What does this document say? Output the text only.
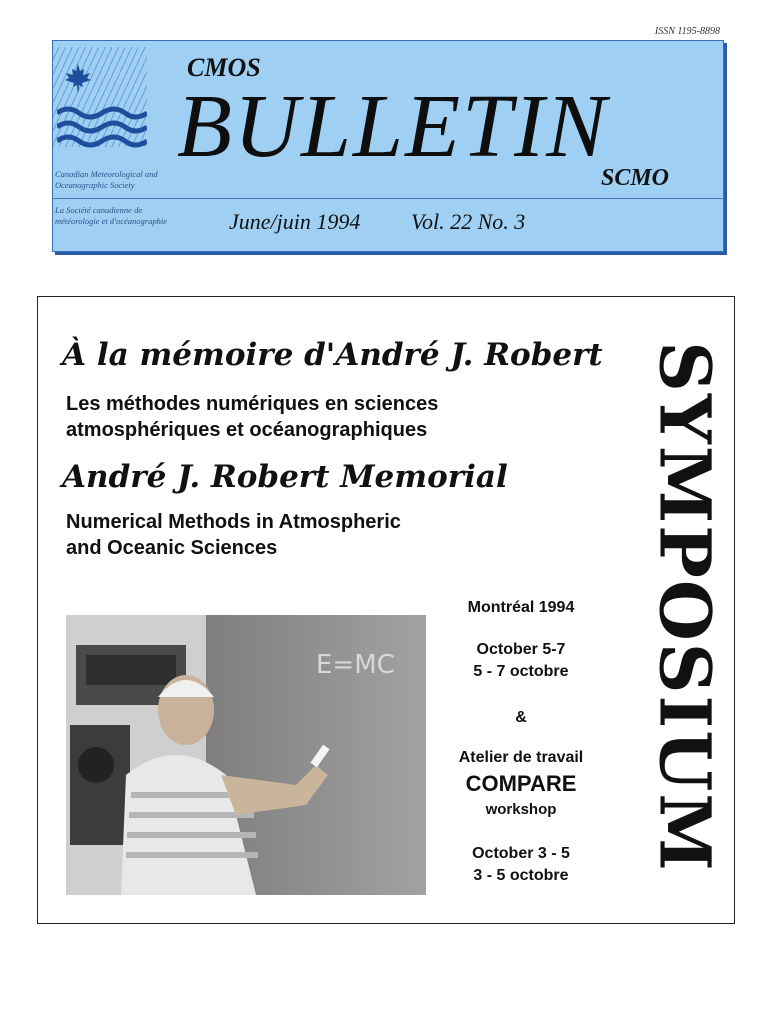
ISSN 1195-8898
Canadian Meteorological and Oceanographic Society
La Société canadienne de météorologie et d'océanographie
CMOS
BULLETIN
SCMO
June/juin 1994 Vol. 22 No. 3
À la mémoire d'André J. Robert
Les méthodes numériques en sciences
atmosphériques et océanographiques
André J. Robert Memorial
Numerical Methods in Atmospheric
and Oceanic Sciences	SYMPOSIUM
E=MC
Montréal 1994
October 5-7
5 - 7 octobre
&
Atelier de travail
COMPARE
workshop
October 3 - 5
3 - 5 octobre
